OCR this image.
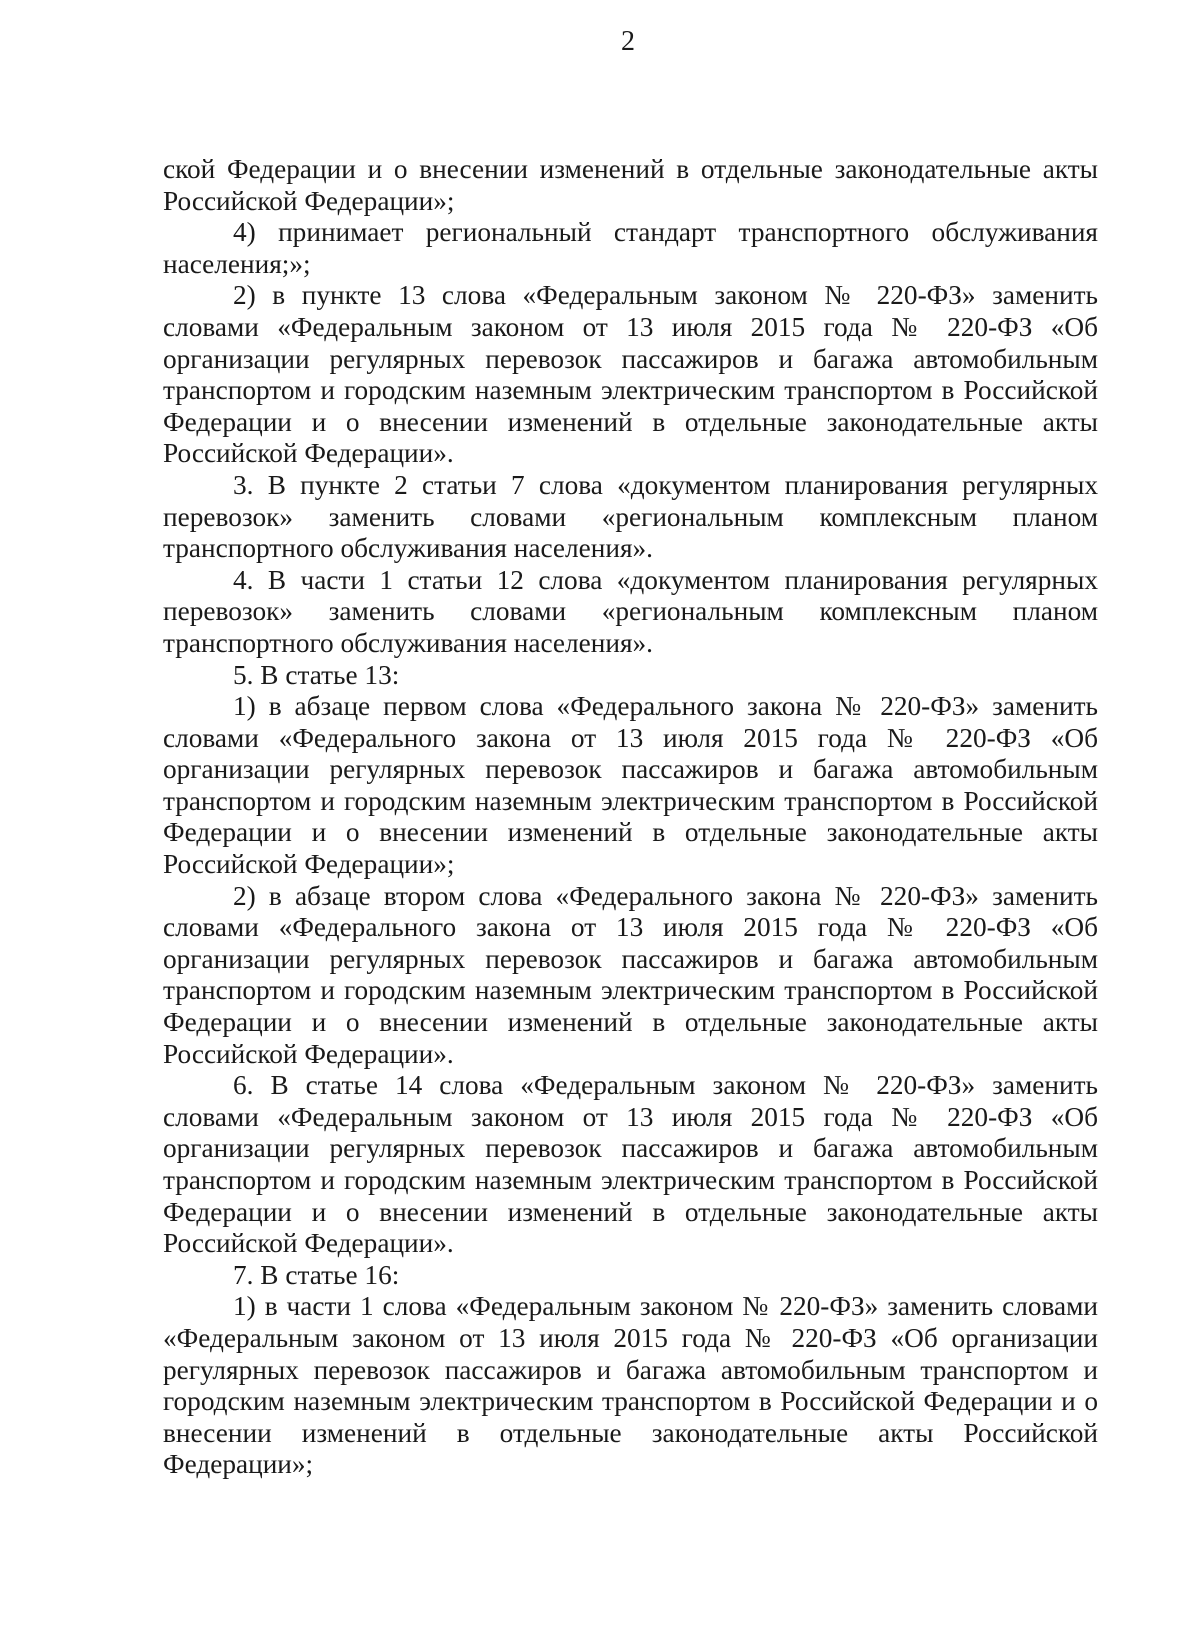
2

ской Федерации и о внесении изменений в отдельные законодательные акты Российской Федерации»;

4) принимает региональный стандарт транспортного обслуживания населения;»;

2) в пункте 13 слова «Федеральным законом № 220-ФЗ» заменить словами «Федеральным законом от 13 июля 2015 года № 220-ФЗ «Об организации регулярных перевозок пассажиров и багажа автомобильным транспортом и городским наземным электрическим транспортом в Российской Федерации и о внесении изменений в отдельные законодательные акты Российской Федерации».

3. В пункте 2 статьи 7 слова «документом планирования регулярных перевозок» заменить словами «региональным комплексным планом транспортного обслуживания населения».

4. В части 1 статьи 12 слова «документом планирования регулярных перевозок» заменить словами «региональным комплексным планом транспортного обслуживания населения».

5. В статье 13:

1) в абзаце первом слова «Федерального закона № 220-ФЗ» заменить словами «Федерального закона от 13 июля 2015 года № 220-ФЗ «Об организации регулярных перевозок пассажиров и багажа автомобильным транспортом и городским наземным электрическим транспортом в Российской Федерации и о внесении изменений в отдельные законодательные акты Российской Федерации»;

2) в абзаце втором слова «Федерального закона № 220-ФЗ» заменить словами «Федерального закона от 13 июля 2015 года № 220-ФЗ «Об организации регулярных перевозок пассажиров и багажа автомобильным транспортом и городским наземным электрическим транспортом в Российской Федерации и о внесении изменений в отдельные законодательные акты Российской Федерации».

6. В статье 14 слова «Федеральным законом № 220-ФЗ» заменить словами «Федеральным законом от 13 июля 2015 года № 220-ФЗ «Об организации регулярных перевозок пассажиров и багажа автомобильным транспортом и городским наземным электрическим транспортом в Российской Федерации и о внесении изменений в отдельные законодательные акты Российской Федерации».

7. В статье 16:

1) в части 1 слова «Федеральным законом № 220-ФЗ» заменить словами «Федеральным законом от 13 июля 2015 года № 220-ФЗ «Об организации регулярных перевозок пассажиров и багажа автомобильным транспортом и городским наземным электрическим транспортом в Российской Федерации и о внесении изменений в отдельные законодательные акты Российской Федерации»;
